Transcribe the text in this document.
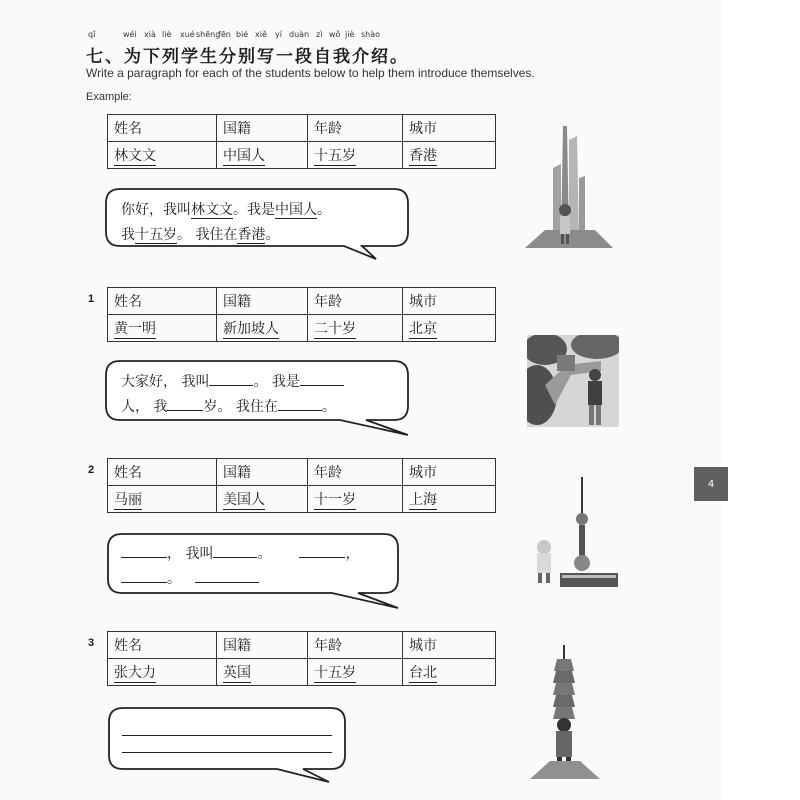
4
qǐ	wéi xià liè xué shēng
fēn bié xiě yí duàn zì wǒ jiè shào
七、为下列学生分别写一段自我介绍。
Write a paragraph for each of the students below to help them introduce themselves.
Example:
姓名	国籍	年龄	城市
林文文	中国人	十五岁	香港
你好，我叫林文文。我是中国人。
我十五岁。 我住在香港。
1 姓名	国籍	年龄	城市
黄一明	新加坡人	二十岁	北京
大家好， 我叫	。 我是
人， 我	岁。 我住在	。
2 姓名	国籍	年龄	城市
马丽	美国人	十一岁	上海
， 我叫	。	，
。
3 姓名	国籍	年龄	城市
张大力	英国	十五岁	台北
